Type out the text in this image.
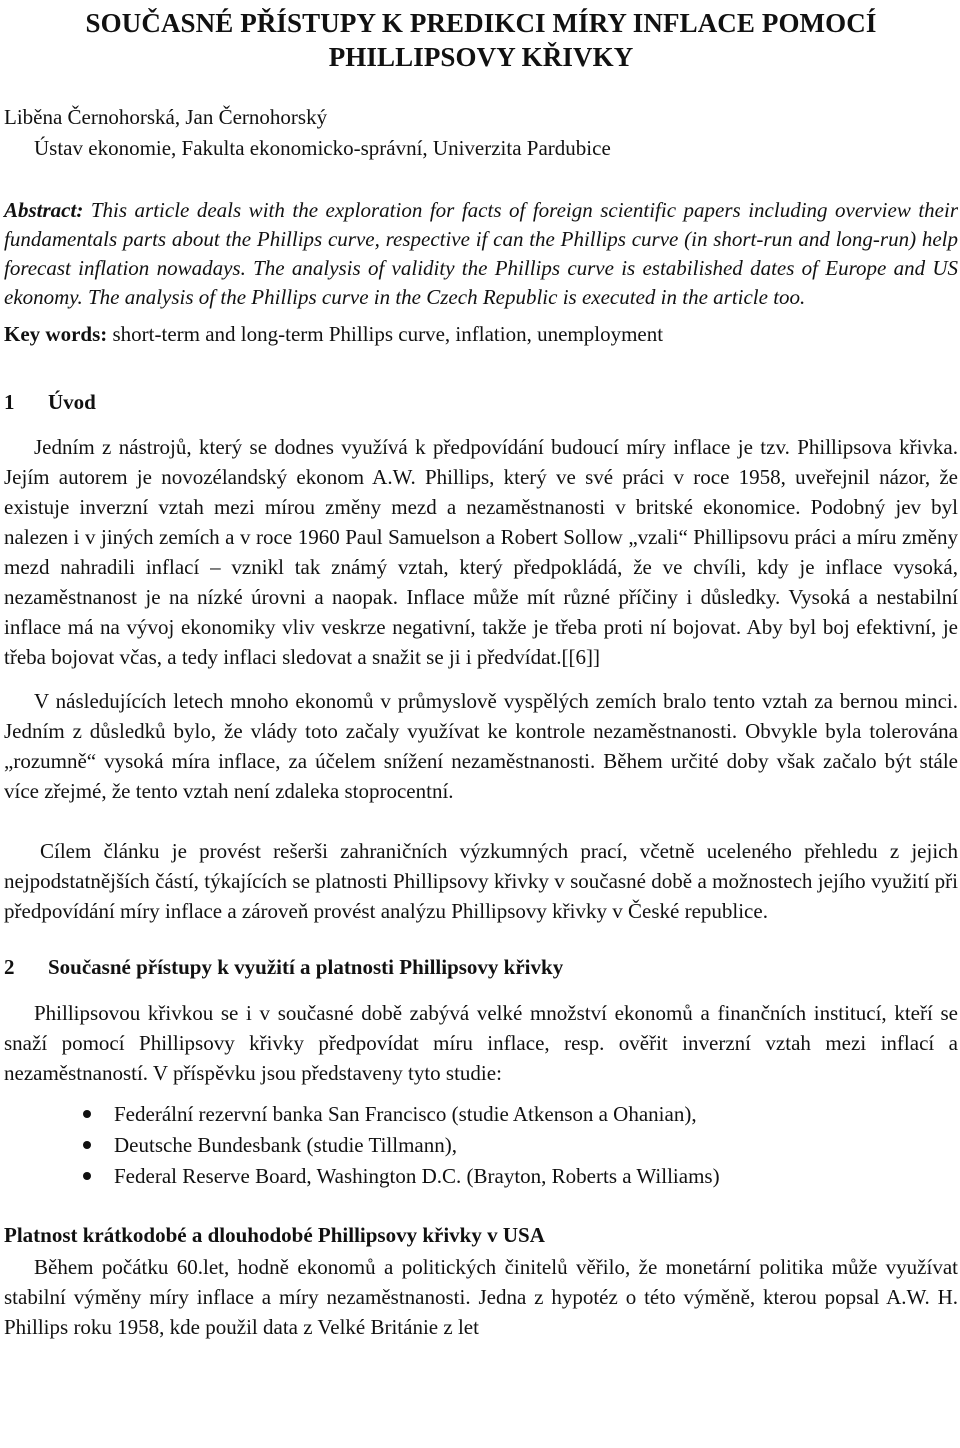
SOUČASNÉ PŘÍSTUPY K PREDIKCI MÍRY INFLACE POMOCÍ PHILLIPSOVY KŘIVKY
Liběna Černohorská, Jan Černohorský
Ústav ekonomie, Fakulta ekonomicko-správní, Univerzita Pardubice

Abstract: This article deals with the exploration for facts of foreign scientific papers including overview their fundamentals parts about the Phillips curve, respective if can the Phillips curve (in short-run and long-run) help forecast inflation nowadays. The analysis of validity the Phillips curve is estabilished dates of Europe and US ekonomy. The analysis of the Phillips curve in the Czech Republic is executed in the article too.

Key words: short-term and long-term Phillips curve, inflation, unemployment

1 Úvod

Jedním z nástrojů, který se dodnes využívá k předpovídání budoucí míry inflace je tzv. Phillipsova křivka. Jejím autorem je novozélandský ekonom A.W. Phillips, který ve své práci v roce 1958, uveřejnil názor, že existuje inverzní vztah mezi mírou změny mezd a nezaměstnanosti v britské ekonomice. Podobný jev byl nalezen i v jiných zemích a v roce 1960 Paul Samuelson a Robert Sollow „vzali“ Phillipsovu práci a míru změny mezd nahradili inflací – vznikl tak známý vztah, který předpokládá, že ve chvíli, kdy je inflace vysoká, nezaměstnanost je na nízké úrovni a naopak. Inflace může mít různé příčiny i důsledky. Vysoká a nestabilní inflace má na vývoj ekonomiky vliv veskrze negativní, takže je třeba proti ní bojovat. Aby byl boj efektivní, je třeba bojovat včas, a tedy inflaci sledovat a snažit se ji i předvídat.[[6]]

V následujících letech mnoho ekonomů v průmyslově vyspělých zemích bralo tento vztah za bernou minci. Jedním z důsledků bylo, že vlády toto začaly využívat ke kontrole nezaměstnanosti. Obvykle byla tolerována „rozumně“ vysoká míra inflace, za účelem snížení nezaměstnanosti. Během určité doby však začalo být stále více zřejmé, že tento vztah není zdaleka stoprocentní.

Cílem článku je provést rešerši zahraničních výzkumných prací, včetně uceleného přehledu z jejich nejpodstatnějších částí, týkajících se platnosti Phillipsovy křivky v současné době a možnostech jejího využití při předpovídání míry inflace a zároveň provést analýzu Phillipsovy křivky v České republice.

2 Současné přístupy k využití a platnosti Phillipsovy křivky

Phillipsovou křivkou se i v současné době zabývá velké množství ekonomů a finančních institucí, kteří se snaží pomocí Phillipsovy křivky předpovídat míru inflace, resp. ověřit inverzní vztah mezi inflací a nezaměstnaností. V příspěvku jsou představeny tyto studie:

Federální rezervní banka San Francisco (studie Atkenson a Ohanian),
Deutsche Bundesbank (studie Tillmann),
Federal Reserve Board, Washington D.C. (Brayton, Roberts a Williams)
Platnost krátkodobé a dlouhodobé Phillipsovy křivky v USA

Během počátku 60.let, hodně ekonomů a politických činitelů věřilo, že monetární politika může využívat stabilní výměny míry inflace a míry nezaměstnanosti. Jedna z hypotéz o této výměně, kterou popsal A.W. H. Phillips roku 1958, kde použil data z Velké Británie z let
